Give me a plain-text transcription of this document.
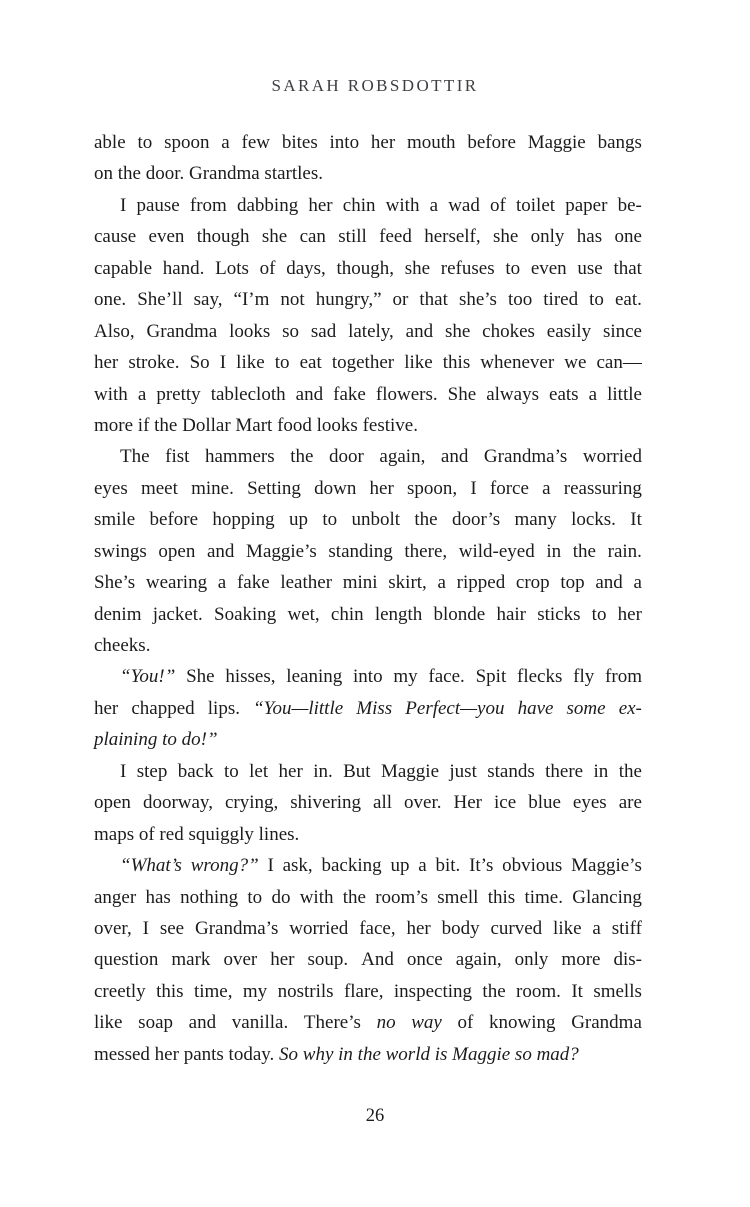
SARAH ROBSDOTTIR
able to spoon a few bites into her mouth before Maggie bangs
on the door. Grandma startles.
I pause from dabbing her chin with a wad of toilet paper be-
cause even though she can still feed herself, she only has one
capable hand. Lots of days, though, she refuses to even use that
one. She’ll say, “I’m not hungry,” or that she’s too tired to eat.
Also, Grandma looks so sad lately, and she chokes easily since
her stroke. So I like to eat together like this whenever we can—
with a pretty tablecloth and fake flowers. She always eats a little
more if the Dollar Mart food looks festive.
The fist hammers the door again, and Grandma’s worried
eyes meet mine. Setting down her spoon, I force a reassuring
smile before hopping up to unbolt the door’s many locks. It
swings open and Maggie’s standing there, wild-eyed in the rain.
She’s wearing a fake leather mini skirt, a ripped crop top and a
denim jacket. Soaking wet, chin length blonde hair sticks to her
cheeks.
“You!” She hisses, leaning into my face. Spit flecks fly from
her chapped lips. “You—little Miss Perfect—you have some ex-
plaining to do!”
I step back to let her in. But Maggie just stands there in the
open doorway, crying, shivering all over. Her ice blue eyes are
maps of red squiggly lines.
“What’s wrong?” I ask, backing up a bit. It’s obvious Maggie’s
anger has nothing to do with the room’s smell this time. Glancing
over, I see Grandma’s worried face, her body curved like a stiff
question mark over her soup. And once again, only more dis-
creetly this time, my nostrils flare, inspecting the room. It smells
like soap and vanilla. There’s no way of knowing Grandma
messed her pants today. So why in the world is Maggie so mad?
26
